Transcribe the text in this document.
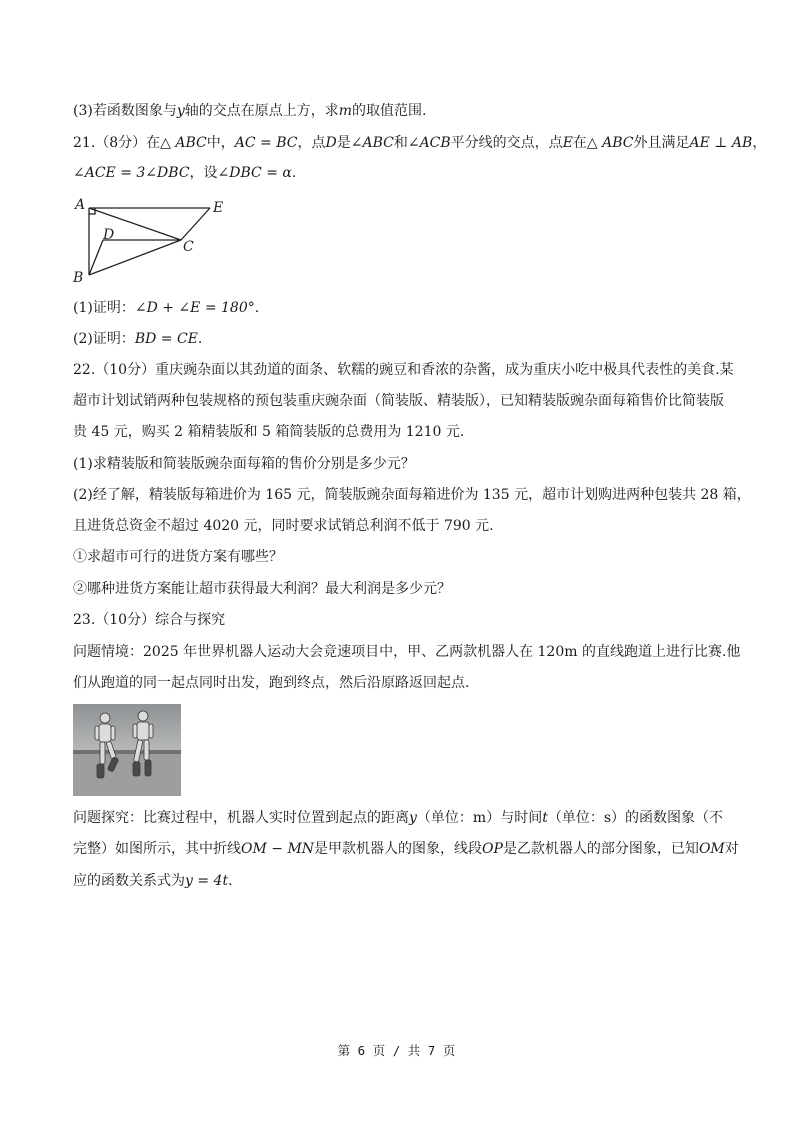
(3)若函数图象与y轴的交点在原点上方，求m的取值范围.
21.（8分）在△ ABC中，AC = BC，点D是∠ABC和∠ACB平分线的交点，点E在△ ABC外且满足AE ⊥ AB，
∠ACE = 3∠DBC，设∠DBC = α.
A	E
D
C
B
(1)证明：∠D + ∠E = 180°.
(2)证明：BD = CE.
22.（10分）重庆豌杂面以其劲道的面条、软糯的豌豆和香浓的杂酱，成为重庆小吃中极具代表性的美食.某
超市计划试销两种包装规格的预包装重庆豌杂面（简装版、精装版），已知精装版豌杂面每箱售价比简装版
贵 45 元，购买 2 箱精装版和 5 箱简装版的总费用为 1210 元.
(1)求精装版和简装版豌杂面每箱的售价分别是多少元？
(2)经了解，精装版每箱进价为 165 元，简装版豌杂面每箱进价为 135 元，超市计划购进两种包装共 28 箱，
且进货总资金不超过 4020 元，同时要求试销总利润不低于 790 元.
①求超市可行的进货方案有哪些？
②哪种进货方案能让超市获得最大利润？最大利润是多少元？
23.（10分）综合与探究
问题情境：2025 年世界机器人运动大会竞速项目中，甲、乙两款机器人在 120m 的直线跑道上进行比赛.他
们从跑道的同一起点同时出发，跑到终点，然后沿原路返回起点.
问题探究：比赛过程中，机器人实时位置到起点的距离y（单位：m）与时间t（单位：s）的函数图象（不
完整）如图所示，其中折线OM − MN是甲款机器人的图象，线段OP是乙款机器人的部分图象，已知OM对
应的函数关系式为y = 4t.
第 6 页 / 共 7 页
